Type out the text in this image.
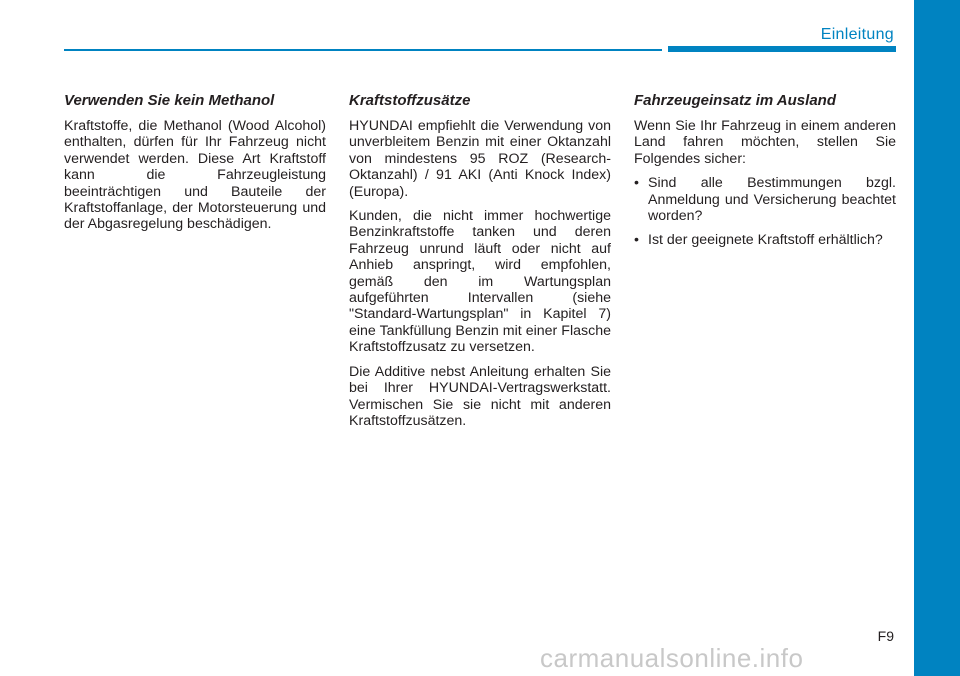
Einleitung
Verwenden Sie kein Methanol

Kraftstoffe, die Methanol (Wood Alcohol) enthalten, dürfen für Ihr Fahrzeug nicht verwendet werden. Diese Art Kraftstoff kann die Fahrzeugleistung beeinträchtigen und Bauteile der Kraftstoffanlage, der Motorsteuerung und der Abgasregelung beschädigen.

Kraftstoffzusätze

HYUNDAI empfiehlt die Verwendung von unverbleitem Benzin mit einer Oktanzahl von mindestens 95 ROZ (Research-Oktanzahl) / 91 AKI (Anti Knock Index) (Europa).

Kunden, die nicht immer hochwertige Benzinkraftstoffe tanken und deren Fahrzeug unrund läuft oder nicht auf Anhieb anspringt, wird empfohlen, gemäß den im Wartungsplan aufgeführten Intervallen (siehe "Standard-Wartungsplan" in Kapitel 7) eine Tankfüllung Benzin mit einer Flasche Kraftstoffzusatz zu versetzen.

Die Additive nebst Anleitung erhalten Sie bei Ihrer HYUNDAI-Vertragswerkstatt. Vermischen Sie sie nicht mit anderen Kraftstoffzusätzen.

Fahrzeugeinsatz im Ausland

Wenn Sie Ihr Fahrzeug in einem anderen Land fahren möchten, stellen Sie Folgendes sicher:

• Sind alle Bestimmungen bzgl. Anmeldung und Versicherung beachtet worden?
• Ist der geeignete Kraftstoff erhältlich?
F9
carmanualsonline.info
